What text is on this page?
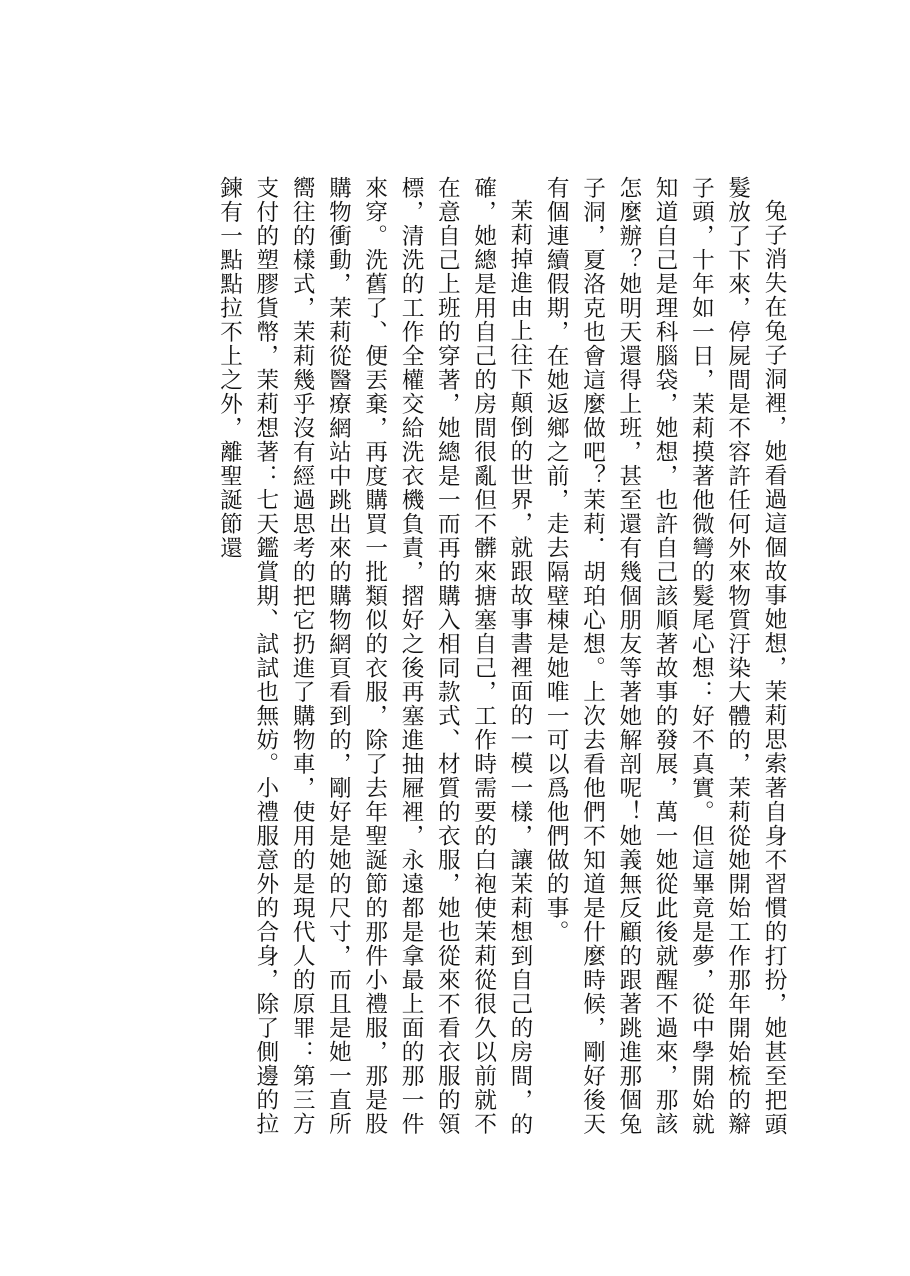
兔子消失在兔子洞裡，她看過這個故事她想，茉莉思索著自身不習慣的打扮，她甚至把頭髮放了下來，停屍間是不容許任何外來物質汙染大體的，茉莉從她開始工作那年開始梳的辮子頭，十年如一日，茉莉摸著他微彎的髮尾心想：好不真實。但這畢竟是夢，從中學開始就知道自己是理科腦袋，她想，也許自己該順著故事的發展，萬一她從此後就醒不過來，那該怎麼辦？她明天還得上班，甚至還有幾個朋友等著她解剖呢！她義無反顧的跟著跳進那個兔子洞，夏洛克也會這麼做吧？茉莉．胡珀心想。上次去看他們不知道是什麼時候，剛好後天有個連續假期，在她返鄉之前，走去隔壁棟是她唯一可以爲他們做的事。

茉莉掉進由上往下顛倒的世界，就跟故事書裡面的一模一樣，讓茉莉想到自己的房間，的確，她總是用自己的房間很亂但不髒來搪塞自己，工作時需要的白袍使茉莉從很久以前就不在意自己上班的穿著，她總是一而再的購入相同款式、材質的衣服，她也從來不看衣服的領標，清洗的工作全權交給洗衣機負責，摺好之後再塞進抽屜裡，永遠都是拿最上面的那一件來穿。洗舊了、便丟棄，再度購買一批類似的衣服，除了去年聖誕節的那件小禮服，那是股購物衝動，茉莉從醫療網站中跳出來的購物網頁看到的，剛好是她的尺寸，而且是她一直所嚮往的樣式，茉莉幾乎沒有經過思考的把它扔進了購物車，使用的是現代人的原罪：第三方支付的塑膠貨幣，茉莉想著：七天鑑賞期、試試也無妨。小禮服意外的合身，除了側邊的拉鍊有一點點拉不上之外，離聖誕節還
